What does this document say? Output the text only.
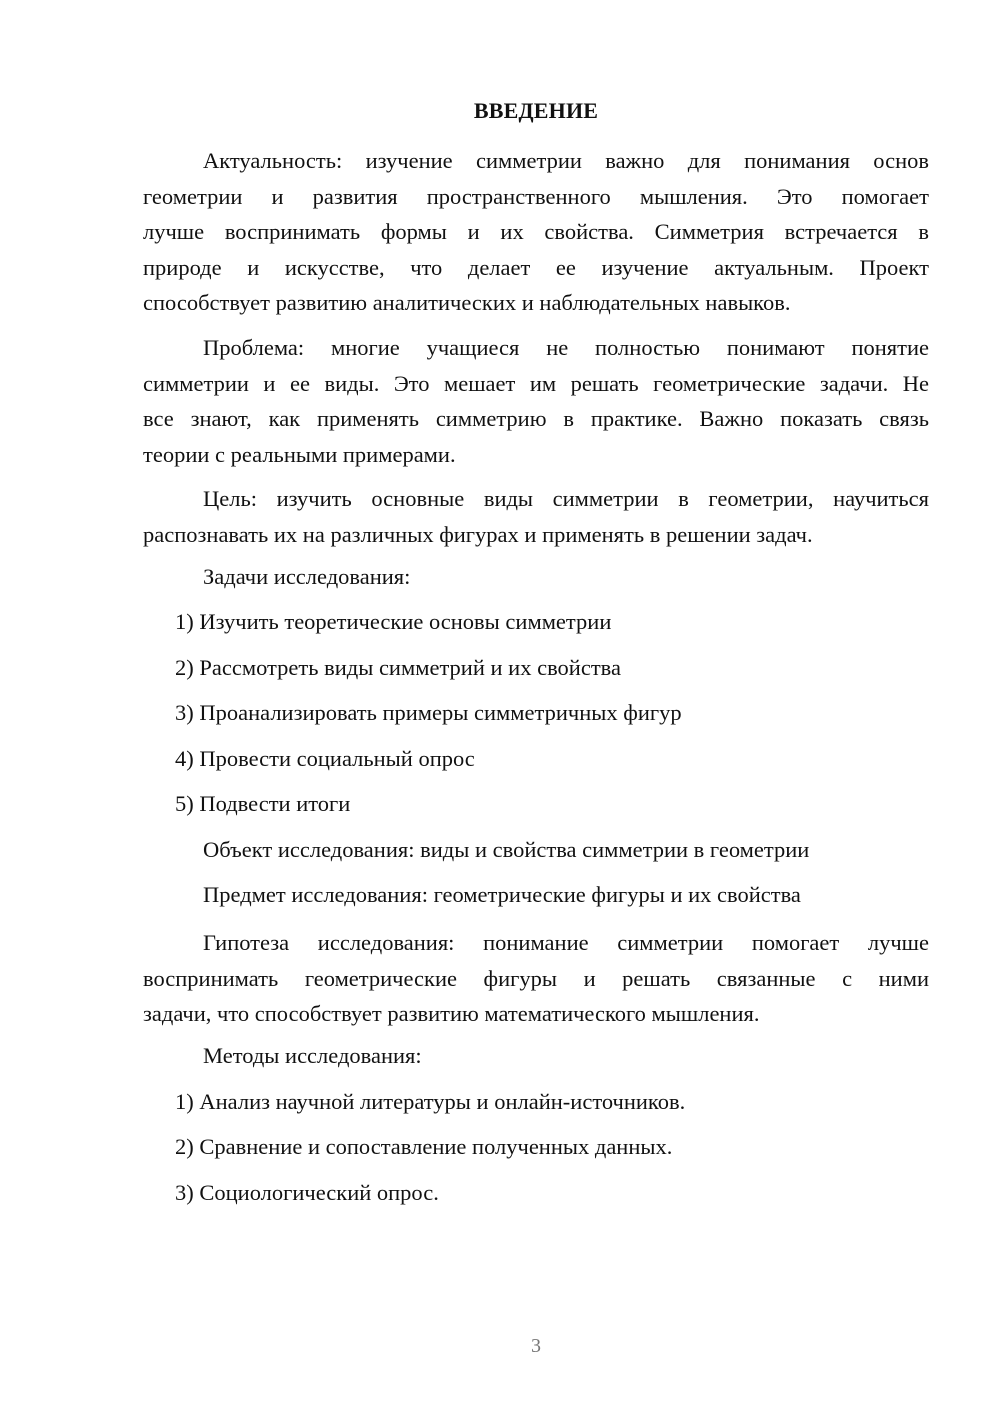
ВВЕДЕНИЕ
Актуальность: изучение симметрии важно для понимания основ
геометрии и развития пространственного мышления. Это помогает
лучше воспринимать формы и их свойства. Симметрия встречается в
природе и искусстве, что делает ее изучение актуальным. Проект
способствует развитию аналитических и наблюдательных навыков.
Проблема: многие учащиеся не полностью понимают понятие
симметрии и ее виды. Это мешает им решать геометрические задачи. Не
все знают, как применять симметрию в практике. Важно показать связь
теории с реальными примерами.
Цель: изучить основные виды симметрии в геометрии, научиться
распознавать их на различных фигурах и применять в решении задач.
Задачи исследования:
1) Изучить теоретические основы симметрии
2) Рассмотреть виды симметрий и их свойства
3) Проанализировать примеры симметричных фигур
4) Провести социальный опрос
5) Подвести итоги
Объект исследования: виды и свойства симметрии в геометрии
Предмет исследования: геометрические фигуры и их свойства
Гипотеза исследования: понимание симметрии помогает лучше
воспринимать геометрические фигуры и решать связанные с ними
задачи, что способствует развитию математического мышления.
Методы исследования:
1) Анализ научной литературы и онлайн-источников.
2) Сравнение и сопоставление полученных данных.
3) Социологический опрос.
3
